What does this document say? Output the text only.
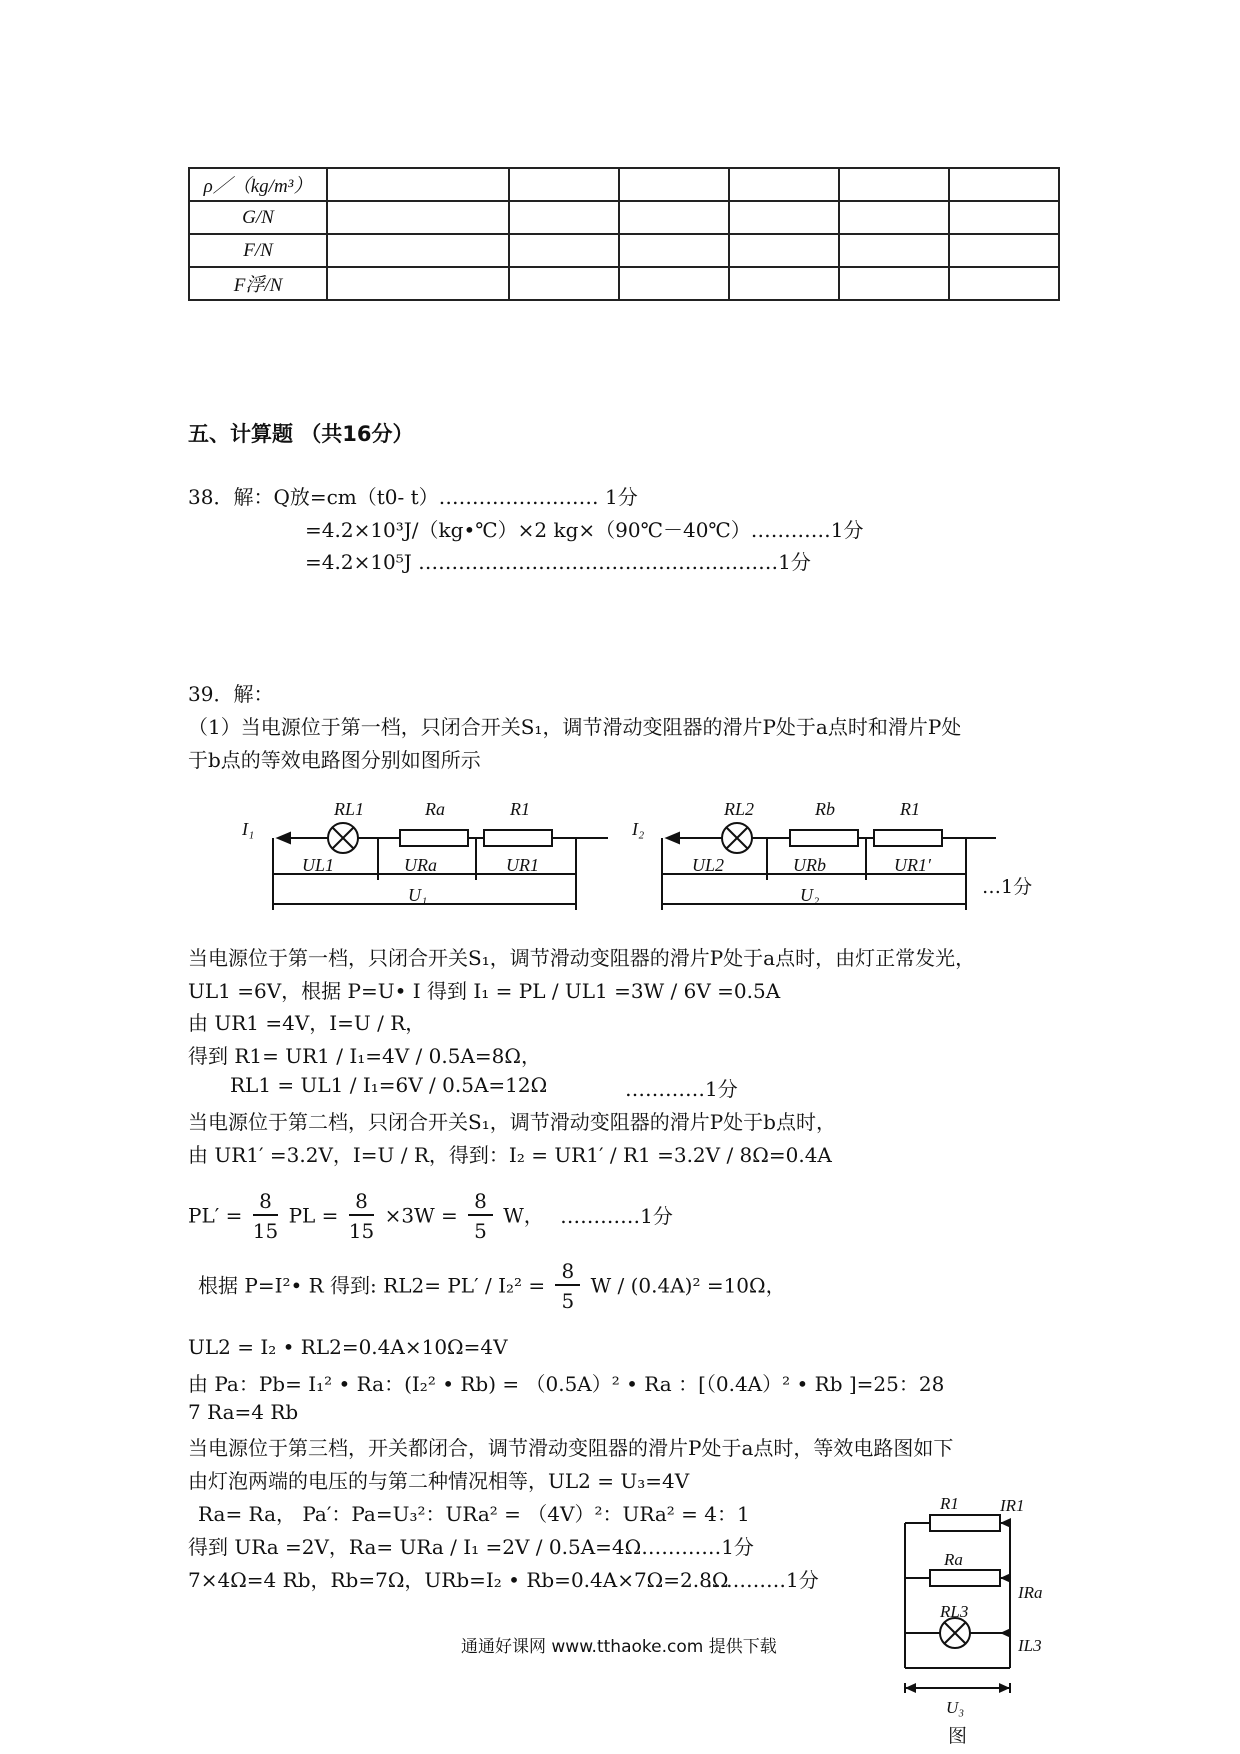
ρ／（kg/m³）						
G/N						
F/N						
F浮/N						
五、计算题 （共16分）
38．解：Q放=cm（t0- t）…………………… 1分
=4.2×10³J/（kg•℃）×2 kg×（90℃－40℃）…………1分
=4.2×10⁵J ………………………………………………1分
39．解：
（1）当电源位于第一档，只闭合开关S₁，调节滑动变阻器的滑片P处于a点时和滑片P处
于b点的等效电路图分别如图所示
I₁
RL1	Ra	R1
UL1	URa	UR1
U₁
I₂
RL2	Rb	R1
UL2	URb	UR1′
U₂	…1分
当电源位于第一档，只闭合开关S₁，调节滑动变阻器的滑片P处于a点时，由灯正常发光，
UL1 =6V，根据 P=U• I 得到 I₁ = PL / UL1 =3W / 6V =0.5A
由 UR1 =4V，I=U / R，
得到 R1= UR1 / I₁=4V / 0.5A=8Ω，
RL1 = UL1 / I₁=6V / 0.5A=12Ω	…………1分
当电源位于第二档，只闭合开关S₁，调节滑动变阻器的滑片P处于b点时，
由 UR1′ =3.2V，I=U / R，得到：I₂ = UR1′ / R1 =3.2V / 8Ω=0.4A
$PL' = \frac{8}{15}$ PL = $\frac{8}{15} \times 3W = \frac{8}{5}$ W， …………1分
根据 P=I²• R 得到: $RL2= PL' / I_2^2 = \frac{8}{5}$ W / (0.4A)² =10Ω，
UL2 = I₂ • RL2=0.4A×10Ω=4V
由 Pa：Pb= I₁² • Ra：(I₂² • Rb) = （0.5A）² • Ra ：[（0.4A）² • Rb ]=25：28
7 Ra=4 Rb
当电源位于第三档，开关都闭合，调节滑动变阻器的滑片P处于a点时，等效电路图如下
由灯泡两端的电压的与第二种情况相等，UL2 = U₃=4V
Ra= Ra， Pa′：Pa=U₃²：URa² = （4V）²：URa² = 4：1
得到 URa =2V，Ra= URa / I₁ =2V / 0.5A=4Ω…………1分
7×4Ω=4 Rb，Rb=7Ω，URb=I₂ • Rb=0.4A×7Ω=2.8Ω
…………1分
R1 IR1
Ra
IRa
RL3
IL3
U₃
图
通通好课网 www.tthaoke.com 提供下载
